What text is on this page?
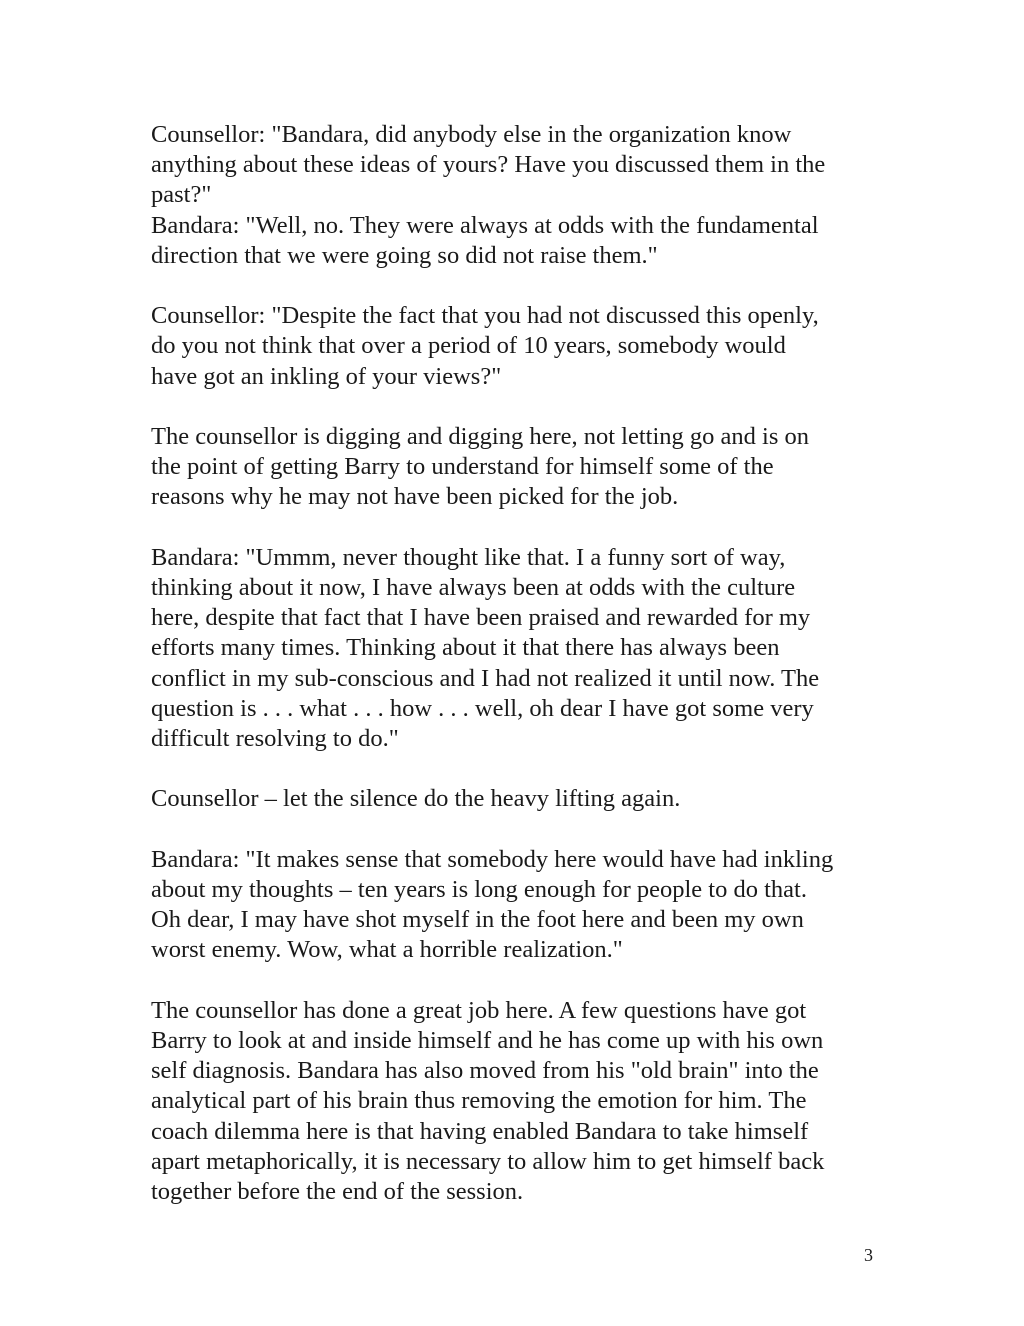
Counsellor: "Bandara, did anybody else in the organization know
anything about these ideas of yours? Have you discussed them in the
past?"

Bandara: "Well, no. They were always at odds with the fundamental
direction that we were going so did not raise them."

Counsellor: "Despite the fact that you had not discussed this openly,
do you not think that over a period of 10 years, somebody would
have got an inkling of your views?"

The counsellor is digging and digging here, not letting go and is on
the point of getting Barry to understand for himself some of the
reasons why he may not have been picked for the job.

Bandara: "Ummm, never thought like that. I a funny sort of way,
thinking about it now, I have always been at odds with the culture
here, despite that fact that I have been praised and rewarded for my
efforts many times. Thinking about it that there has always been
conflict in my sub-conscious and I had not realized it until now. The
question is . . . what . . . how . . . well, oh dear I have got some very
difficult resolving to do."

Counsellor – let the silence do the heavy lifting again.

Bandara: "It makes sense that somebody here would have had inkling
about my thoughts – ten years is long enough for people to do that.
Oh dear, I may have shot myself in the foot here and been my own
worst enemy. Wow, what a horrible realization."

The counsellor has done a great job here. A few questions have got
Barry to look at and inside himself and he has come up with his own
self diagnosis. Bandara has also moved from his "old brain" into the
analytical part of his brain thus removing the emotion for him. The
coach dilemma here is that having enabled Bandara to take himself
apart metaphorically, it is necessary to allow him to get himself back
together before the end of the session.

3
